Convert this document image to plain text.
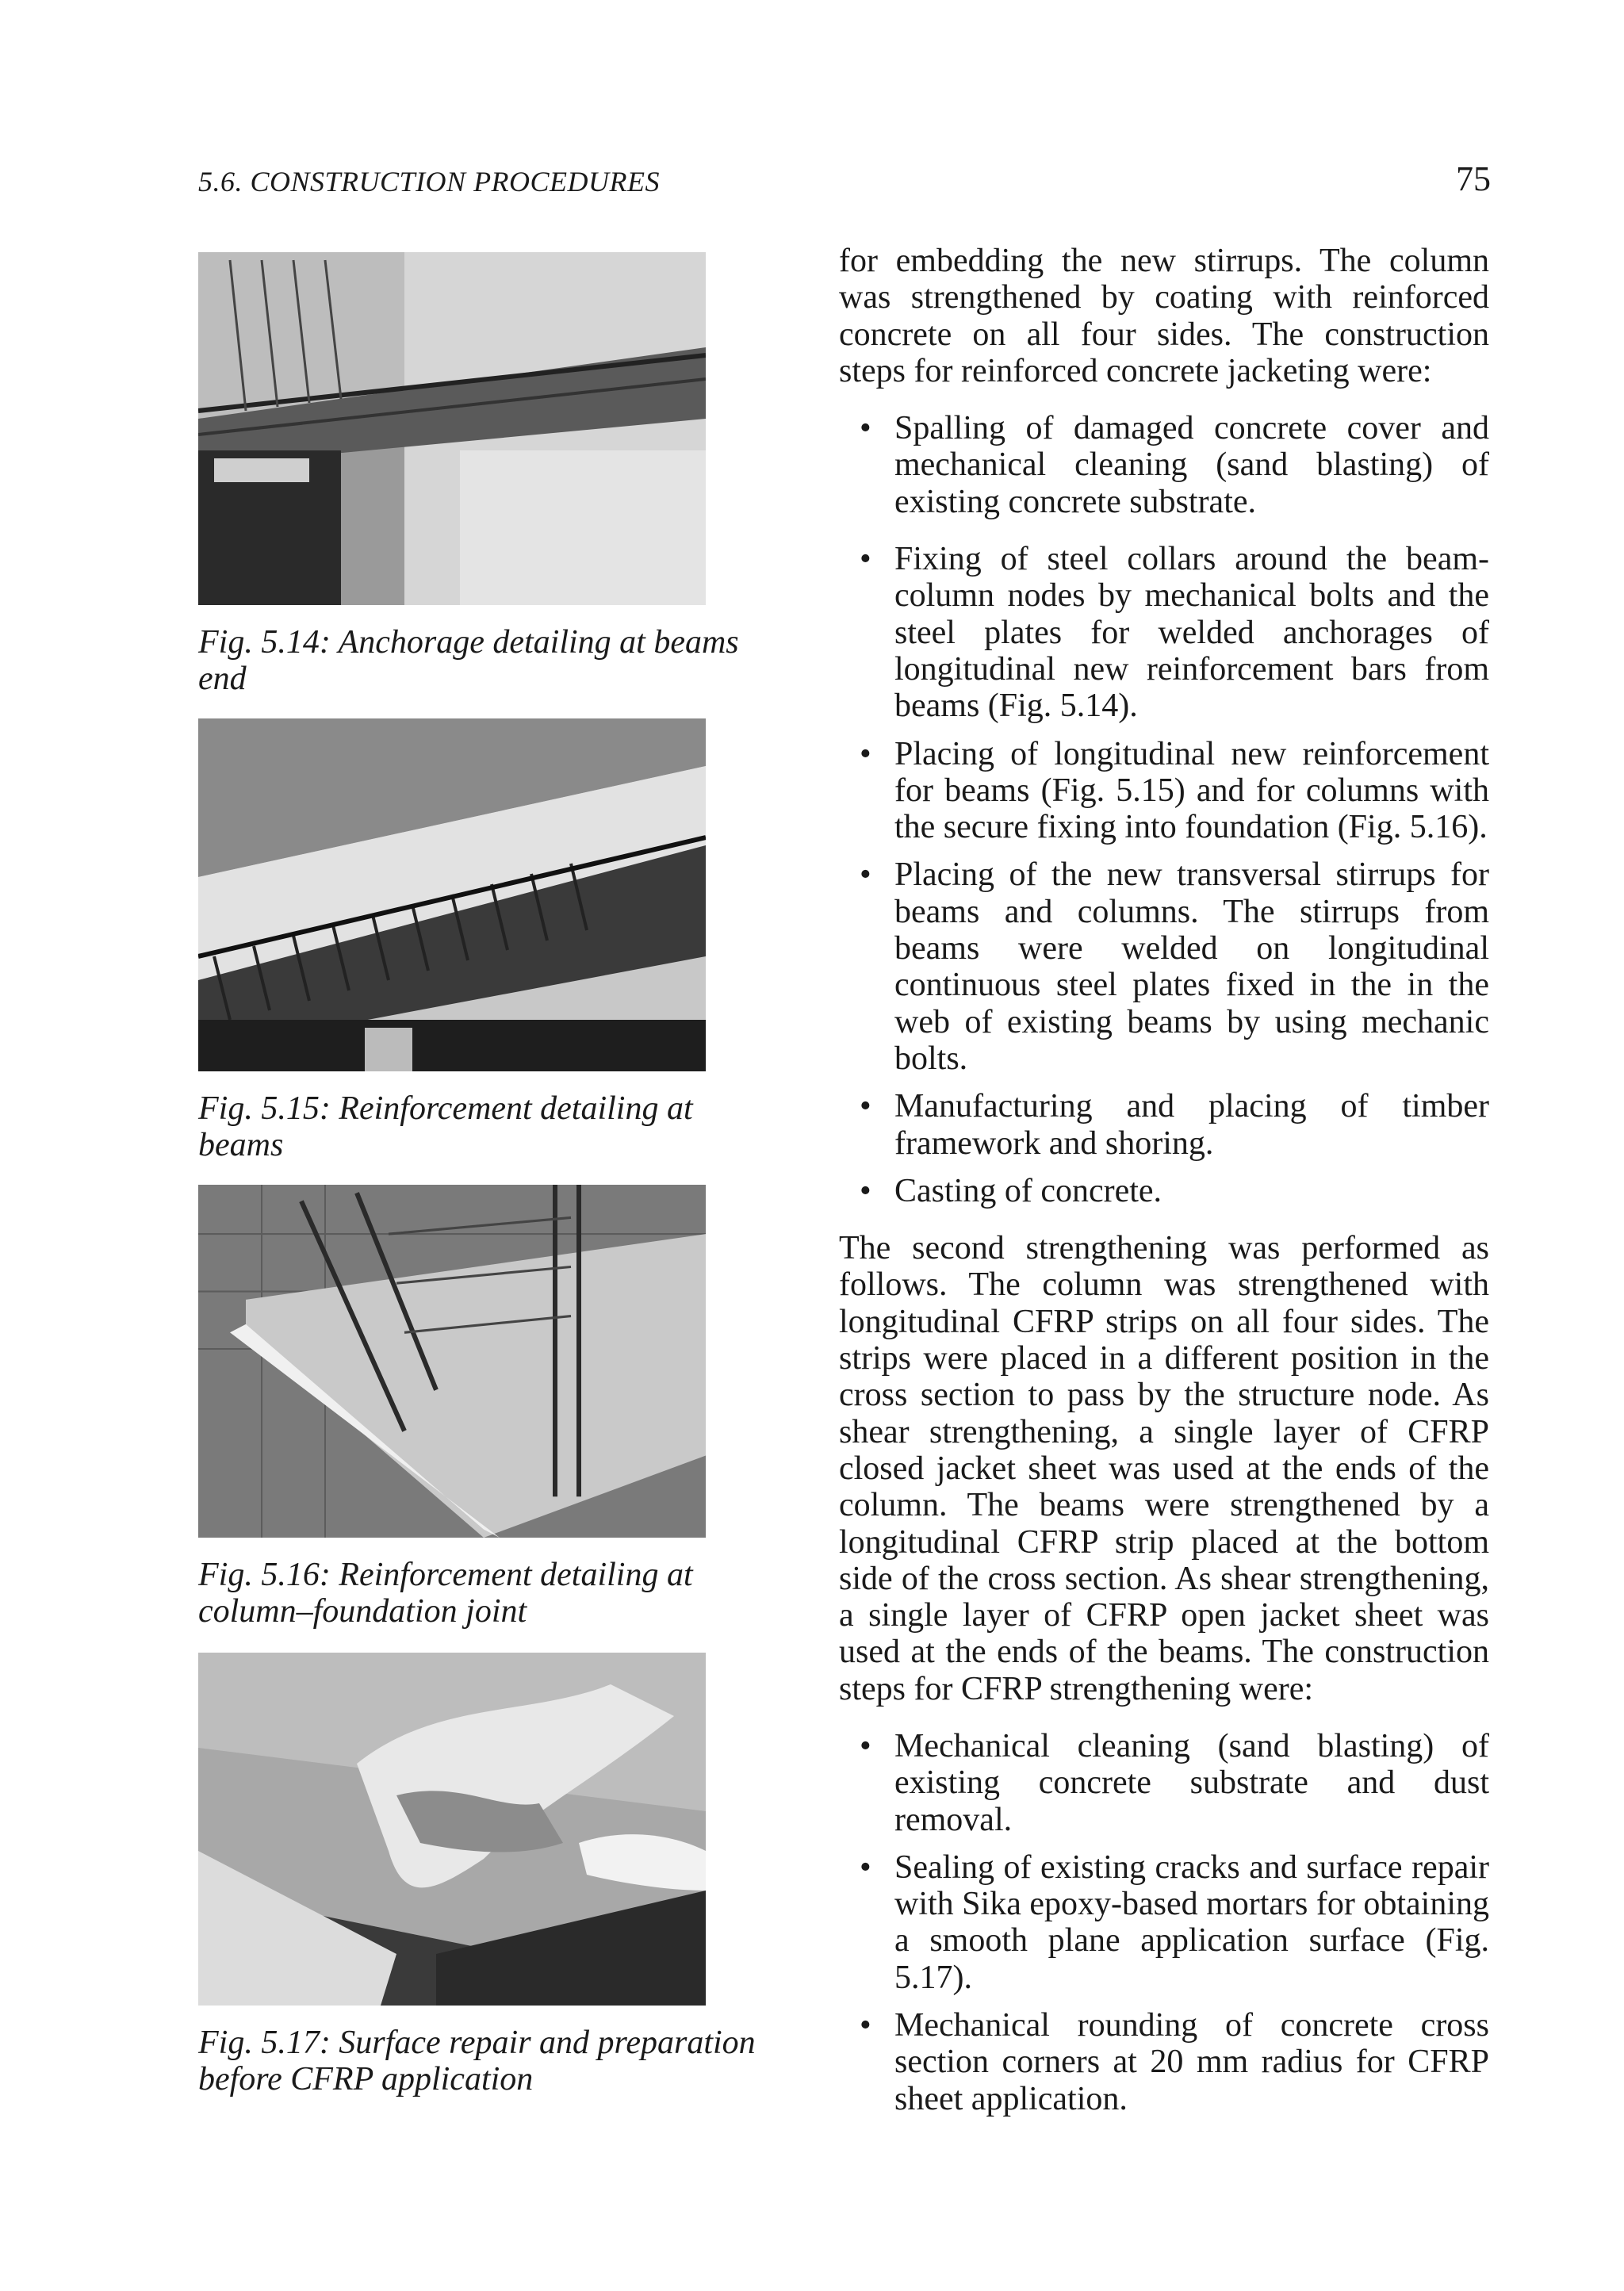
5.6. CONSTRUCTION PROCEDURES	75
Fig. 5.14: Anchorage detailing at beams end
Fig. 5.15: Reinforcement detailing at beams
Fig. 5.16: Reinforcement detailing at column–foundation joint
Fig. 5.17: Surface repair and preparation before CFRP application

for embedding the new stirrups. The column was strengthened by coating with reinforced concrete on all four sides. The construction steps for reinforced concrete jacketing were:

• Spalling of damaged concrete cover and mechanical cleaning (sand blasting) of existing concrete substrate.
• Fixing of steel collars around the beam-column nodes by mechanical bolts and the steel plates for welded anchorages of longitudinal new reinforcement bars from beams (Fig. 5.14).
• Placing of longitudinal new reinforcement for beams (Fig. 5.15) and for columns with the secure fixing into foundation (Fig. 5.16).
• Placing of the new transversal stirrups for beams and columns. The stirrups from beams were welded on longitudinal continuous steel plates fixed in the in the web of existing beams by using mechanic bolts.
• Manufacturing and placing of timber framework and shoring.
• Casting of concrete.

The second strengthening was performed as follows. The column was strengthened with longitudinal CFRP strips on all four sides. The strips were placed in a different position in the cross section to pass by the structure node. As shear strengthening, a single layer of CFRP closed jacket sheet was used at the ends of the column. The beams were strengthened by a longitudinal CFRP strip placed at the bottom side of the cross section. As shear strengthening, a single layer of CFRP open jacket sheet was used at the ends of the beams. The construction steps for CFRP strengthening were:

• Mechanical cleaning (sand blasting) of existing concrete substrate and dust removal.
• Sealing of existing cracks and surface repair with Sika epoxy-based mortars for obtaining a smooth plane application surface (Fig. 5.17).
• Mechanical rounding of concrete cross section corners at 20 mm radius for CFRP sheet application.
